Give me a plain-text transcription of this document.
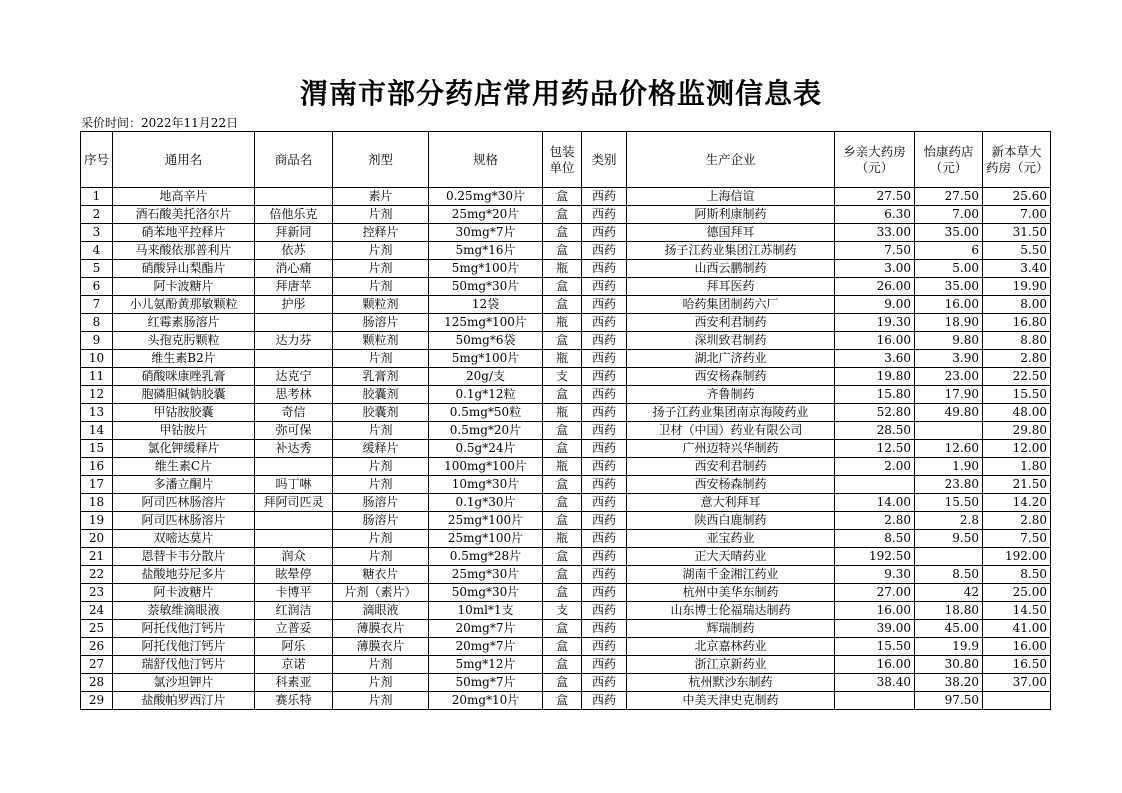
渭南市部分药店常用药品价格监测信息表
采价时间：2022年11月22日
序号	通用名	商品名	剂型	规格	包装单位	类别	生产企业	乡亲大药房（元）	怡康药店（元）	新本草大药房（元）
1	地高辛片		素片	0.25mg*30片	盒	西药	上海信谊	27.50	27.50	25.60
2	酒石酸美托洛尔片	倍他乐克	片剂	25mg*20片	盒	西药	阿斯利康制药	6.30	7.00	7.00
3	硝苯地平控释片	拜新同	控释片	30mg*7片	盒	西药	德国拜耳	33.00	35.00	31.50
4	马来酸依那普利片	依苏	片剂	5mg*16片	盒	西药	扬子江药业集团江苏制药	7.50	6	5.50
5	硝酸异山梨酯片	消心痛	片剂	5mg*100片	瓶	西药	山西云鹏制药	3.00	5.00	3.40
6	阿卡波糖片	拜唐苹	片剂	50mg*30片	盒	西药	拜耳医药	26.00	35.00	19.90
7	小儿氨酚黄那敏颗粒	护彤	颗粒剂	12袋	盒	西药	哈药集团制药六厂	9.00	16.00	8.00
8	红霉素肠溶片		肠溶片	125mg*100片	瓶	西药	西安利君制药	19.30	18.90	16.80
9	头孢克肟颗粒	达力芬	颗粒剂	50mg*6袋	盒	西药	深圳致君制药	16.00	9.80	8.80
10	维生素B2片		片剂	5mg*100片	瓶	西药	湖北广济药业	3.60	3.90	2.80
11	硝酸咪康唑乳膏	达克宁	乳膏剂	20g/支	支	西药	西安杨森制药	19.80	23.00	22.50
12	胞磷胆碱钠胶囊	思考林	胶囊剂	0.1g*12粒	盒	西药	齐鲁制药	15.80	17.90	15.50
13	甲钴胺胶囊	奇信	胶囊剂	0.5mg*50粒	瓶	西药	扬子江药业集团南京海陵药业	52.80	49.80	48.00
14	甲钴胺片	弥可保	片剂	0.5mg*20片	盒	西药	卫材（中国）药业有限公司	28.50		29.80
15	氯化钾缓释片	补达秀	缓释片	0.5g*24片	盒	西药	广州迈特兴华制药	12.50	12.60	12.00
16	维生素C片		片剂	100mg*100片	瓶	西药	西安利君制药	2.00	1.90	1.80
17	多潘立酮片	吗丁啉	片剂	10mg*30片	盒	西药	西安杨森制药		23.80	21.50
18	阿司匹林肠溶片	拜阿司匹灵	肠溶片	0.1g*30片	盒	西药	意大利拜耳	14.00	15.50	14.20
19	阿司匹林肠溶片		肠溶片	25mg*100片	盒	西药	陕西白鹿制药	2.80	2.8	2.80
20	双嘧达莫片		片剂	25mg*100片	瓶	西药	亚宝药业	8.50	9.50	7.50
21	恩替卡韦分散片	润众	片剂	0.5mg*28片	盒	西药	正大天晴药业	192.50		192.00
22	盐酸地芬尼多片	眩晕停	糖衣片	25mg*30片	盒	西药	湖南千金湘江药业	9.30	8.50	8.50
23	阿卡波糖片	卡博平	片剂（素片）	50mg*30片	盒	西药	杭州中美华东制药	27.00	42	25.00
24	萘敏维滴眼液	红润洁	滴眼液	10ml*1支	支	西药	山东博士伦福瑞达制药	16.00	18.80	14.50
25	阿托伐他汀钙片	立普妥	薄膜衣片	20mg*7片	盒	西药	辉瑞制药	39.00	45.00	41.00
26	阿托伐他汀钙片	阿乐	薄膜衣片	20mg*7片	盒	西药	北京嘉林药业	15.50	19.9	16.00
27	瑞舒伐他汀钙片	京诺	片剂	5mg*12片	盒	西药	浙江京新药业	16.00	30.80	16.50
28	氯沙坦钾片	科素亚	片剂	50mg*7片	盒	西药	杭州默沙东制药	38.40	38.20	37.00
29	盐酸帕罗西汀片	赛乐特	片剂	20mg*10片	盒	西药	中美天津史克制药		97.50	
